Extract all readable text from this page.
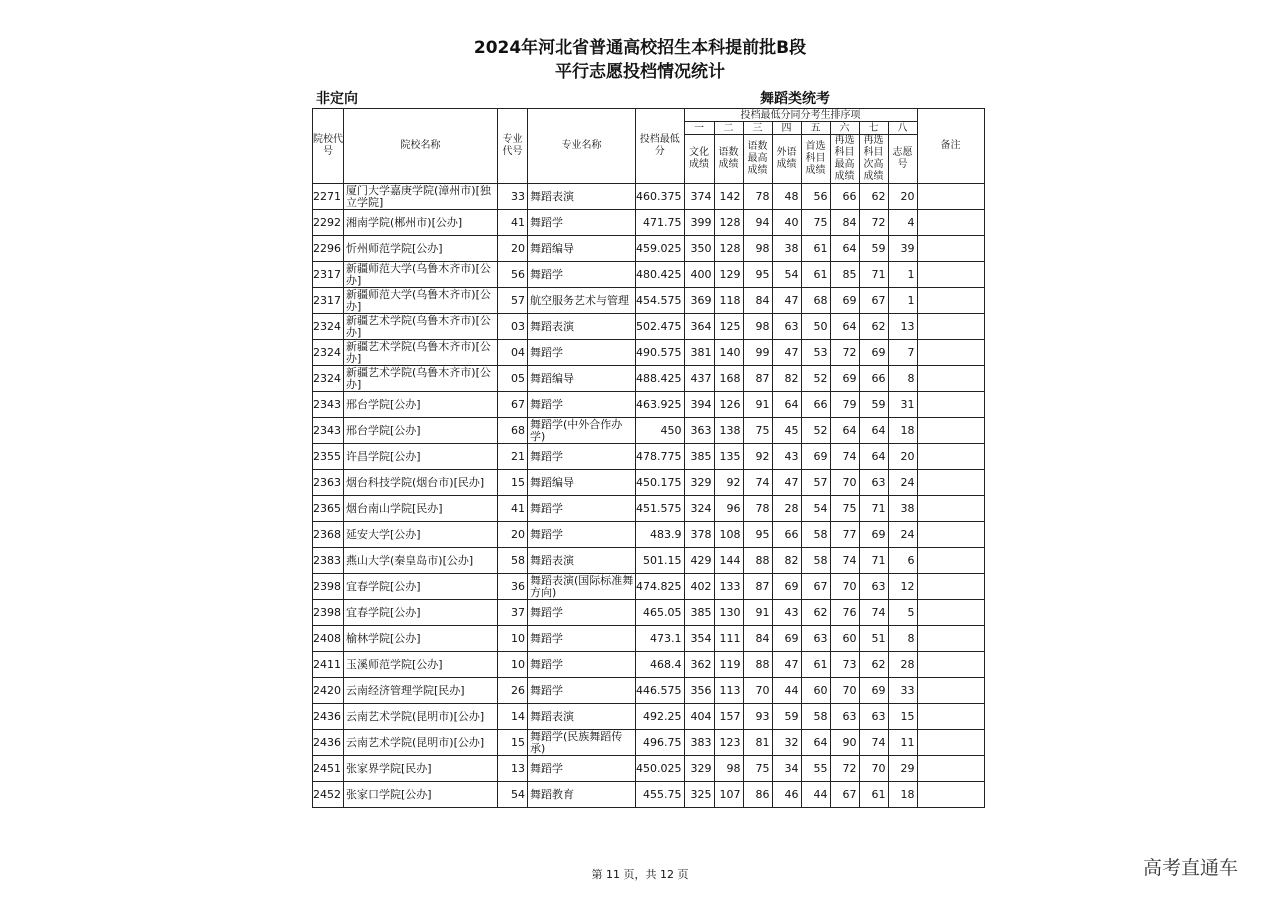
2024年河北省普通高校招生本科提前批B段
平行志愿投档情况统计
非定向	舞蹈类统考
院校代号	院校名称	专业代号	专业名称	投档最低分	投档最低分同分考生排序项								备注
					一	二	三	四	五	六	七	八	
					文化成绩	语数成绩	语数最高成绩	外语成绩	首选科目成绩	再选科目最高成绩	再选科目次高成绩	志愿号	
2271	厦门大学嘉庚学院(漳州市)[独立学院]	33	舞蹈表演	460.375	374	142	78	48	56	66	62	20	
2292	湘南学院(郴州市)[公办]	41	舞蹈学	471.75	399	128	94	40	75	84	72	4	
2296	忻州师范学院[公办]	20	舞蹈编导	459.025	350	128	98	38	61	64	59	39	
2317	新疆师范大学(乌鲁木齐市)[公办]	56	舞蹈学	480.425	400	129	95	54	61	85	71	1	
2317	新疆师范大学(乌鲁木齐市)[公办]	57	航空服务艺术与管理	454.575	369	118	84	47	68	69	67	1	
2324	新疆艺术学院(乌鲁木齐市)[公办]	03	舞蹈表演	502.475	364	125	98	63	50	64	62	13	
2324	新疆艺术学院(乌鲁木齐市)[公办]	04	舞蹈学	490.575	381	140	99	47	53	72	69	7	
2324	新疆艺术学院(乌鲁木齐市)[公办]	05	舞蹈编导	488.425	437	168	87	82	52	69	66	8	
2343	邢台学院[公办]	67	舞蹈学	463.925	394	126	91	64	66	79	59	31	
2343	邢台学院[公办]	68	舞蹈学(中外合作办学)	450	363	138	75	45	52	64	64	18	
2355	许昌学院[公办]	21	舞蹈学	478.775	385	135	92	43	69	74	64	20	
2363	烟台科技学院(烟台市)[民办]	15	舞蹈编导	450.175	329	92	74	47	57	70	63	24	
2365	烟台南山学院[民办]	41	舞蹈学	451.575	324	96	78	28	54	75	71	38	
2368	延安大学[公办]	20	舞蹈学	483.9	378	108	95	66	58	77	69	24	
2383	燕山大学(秦皇岛市)[公办]	58	舞蹈表演	501.15	429	144	88	82	58	74	71	6	
2398	宜春学院[公办]	36	舞蹈表演(国际标准舞方向)	474.825	402	133	87	69	67	70	63	12	
2398	宜春学院[公办]	37	舞蹈学	465.05	385	130	91	43	62	76	74	5	
2408	榆林学院[公办]	10	舞蹈学	473.1	354	111	84	69	63	60	51	8	
2411	玉溪师范学院[公办]	10	舞蹈学	468.4	362	119	88	47	61	73	62	28	
2420	云南经济管理学院[民办]	26	舞蹈学	446.575	356	113	70	44	60	70	69	33	
2436	云南艺术学院(昆明市)[公办]	14	舞蹈表演	492.25	404	157	93	59	58	63	63	15	
2436	云南艺术学院(昆明市)[公办]	15	舞蹈学(民族舞蹈传承)	496.75	383	123	81	32	64	90	74	11	
2451	张家界学院[民办]	13	舞蹈学	450.025	329	98	75	34	55	72	70	29	
2452	张家口学院[公办]	54	舞蹈教育	455.75	325	107	86	46	44	67	61	18	
第 11 页，共 12 页	高考直通车
